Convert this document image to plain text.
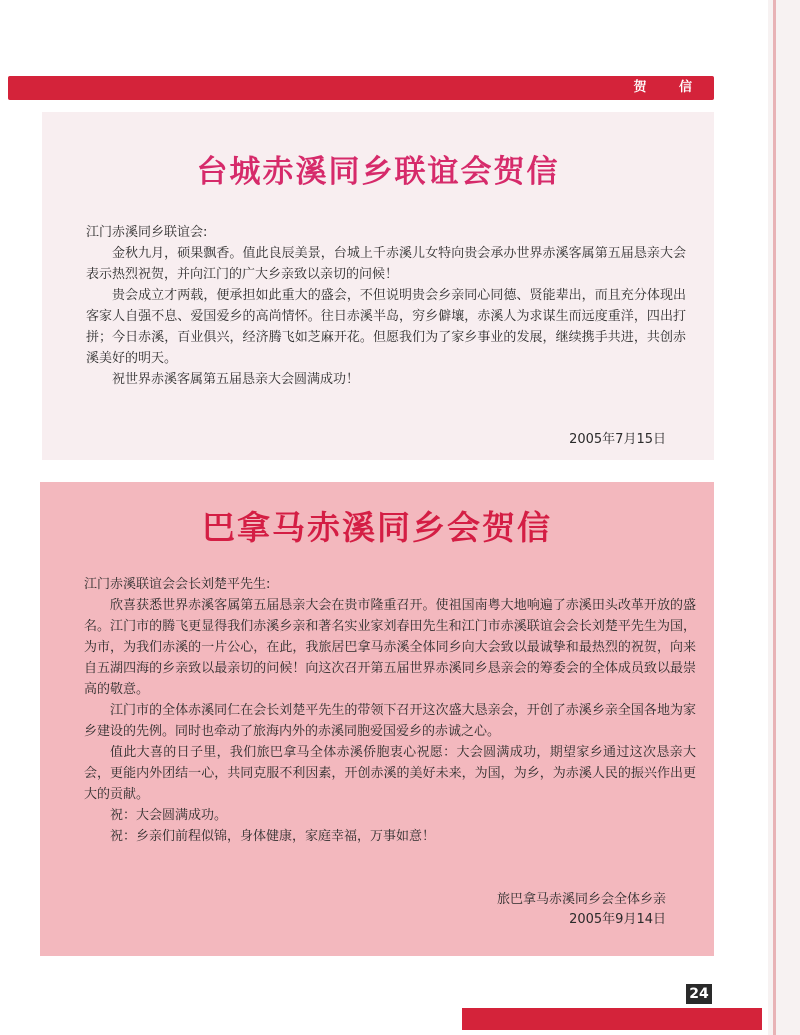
贺 信
台城赤溪同乡联谊会贺信

江门赤溪同乡联谊会:

金秋九月，硕果飘香。值此良辰美景，台城上千赤溪儿女特向贵会承办世界赤溪客属第五届恳亲大会表示热烈祝贺，并向江门的广大乡亲致以亲切的问候！

贵会成立才两载，便承担如此重大的盛会，不但说明贵会乡亲同心同德、贤能辈出，而且充分体现出客家人自强不息、爱国爱乡的高尚情怀。往日赤溪半岛，穷乡僻壤，赤溪人为求谋生而远度重洋，四出打拼；今日赤溪，百业俱兴，经济腾飞如芝麻开花。但愿我们为了家乡事业的发展，继续携手共进，共创赤溪美好的明天。

祝世界赤溪客属第五届恳亲大会圆满成功！

2005年7月15日
巴拿马赤溪同乡会贺信

江门赤溪联谊会会长刘楚平先生:

欣喜获悉世界赤溪客属第五届恳亲大会在贵市隆重召开。使祖国南粤大地响遍了赤溪田头改革开放的盛名。江门市的腾飞更显得我们赤溪乡亲和著名实业家刘春田先生和江门市赤溪联谊会会长刘楚平先生为国，为市，为我们赤溪的一片公心，在此，我旅居巴拿马赤溪全体同乡向大会致以最诚挚和最热烈的祝贺，向来自五湖四海的乡亲致以最亲切的问候！向这次召开第五届世界赤溪同乡恳亲会的筹委会的全体成员致以最崇高的敬意。

江门市的全体赤溪同仁在会长刘楚平先生的带领下召开这次盛大恳亲会，开创了赤溪乡亲全国各地为家乡建设的先例。同时也牵动了旅海内外的赤溪同胞爱国爱乡的赤诚之心。

值此大喜的日子里，我们旅巴拿马全体赤溪侨胞衷心祝愿：大会圆满成功，期望家乡通过这次恳亲大会，更能内外团结一心，共同克服不利因素，开创赤溪的美好未来，为国，为乡，为赤溪人民的振兴作出更大的贡献。

祝：大会圆满成功。

祝：乡亲们前程似锦，身体健康，家庭幸福，万事如意！

旅巴拿马赤溪同乡会全体乡亲
2005年9月14日
24
